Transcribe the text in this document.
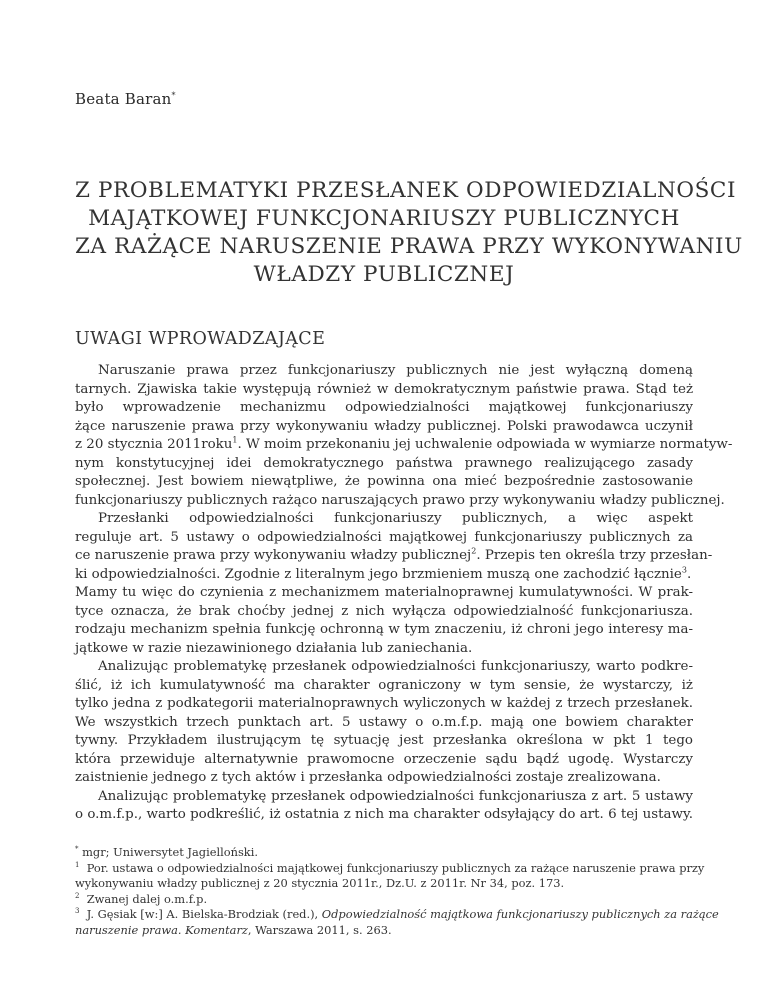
Beata Baran*
Z PROBLEMATYKI PRZESŁANEK ODPOWIEDZIALNOŚCI
MAJĄTKOWEJ FUNKCJONARIUSZY PUBLICZNYCH
ZA RAŻĄCE NARUSZENIE PRAWA PRZY WYKONYWANIU
WŁADZY PUBLICZNEJ
UWAGI WPROWADZAJĄCE
Naruszanie prawa przez funkcjonariuszy publicznych nie jest wyłączną domeną
tarnych. Zjawiska takie występują również w demokratycznym państwie prawa. Stąd też
było wprowadzenie mechanizmu odpowiedzialności majątkowej funkcjonariuszy
żące naruszenie prawa przy wykonywaniu władzy publicznej. Polski prawodawca uczynił
z 20 stycznia 2011roku$^1$. W moim przekonaniu jej uchwalenie odpowiada w wymiarze normatyw-
nym konstytucyjnej idei demokratycznego państwa prawnego realizującego zasady
społecznej. Jest bowiem niewątpliwe, że powinna ona mieć bezpośrednie zastosowanie
funkcjonariuszy publicznych rażąco naruszających prawo przy wykonywaniu władzy publicznej.
Przesłanki odpowiedzialności funkcjonariuszy publicznych, a więc aspekt
reguluje art. 5 ustawy o odpowiedzialności majątkowej funkcjonariuszy publicznych za
ce naruszenie prawa przy wykonywaniu władzy publicznej$^2$. Przepis ten określa trzy przesłan-
ki odpowiedzialności. Zgodnie z literalnym jego brzmieniem muszą one zachodzić łącznie$^3$.
Mamy tu więc do czynienia z mechanizmem materialnoprawnej kumulatywności. W prak-
tyce oznacza, że brak choćby jednej z nich wyłącza odpowiedzialność funkcjonariusza.
rodzaju mechanizm spełnia funkcję ochronną w tym znaczeniu, iż chroni jego interesy ma-
jątkowe w razie niezawinionego działania lub zaniechania.
Analizując problematykę przesłanek odpowiedzialności funkcjonariuszy, warto podkre-
ślić, iż ich kumulatywność ma charakter ograniczony w tym sensie, że wystarczy, iż
tylko jedna z podkategorii materialnoprawnych wyliczonych w każdej z trzech przesłanek.
We wszystkich trzech punktach art. 5 ustawy o o.m.f.p. mają one bowiem charakter
tywny. Przykładem ilustrującym tę sytuację jest przesłanka określona w pkt 1 tego
która przewiduje alternatywnie prawomocne orzeczenie sądu bądź ugodę. Wystarczy
zaistnienie jednego z tych aktów i przesłanka odpowiedzialności zostaje zrealizowana.
Analizując problematykę przesłanek odpowiedzialności funkcjonariusza z art. 5 ustawy
o o.m.f.p., warto podkreślić, iż ostatnia z nich ma charakter odsyłający do art. 6 tej ustawy.
* mgr; Uniwersytet Jagielloński.
$^1$ Por. ustawa o odpowiedzialności majątkowej funkcjonariuszy publicznych za rażące naruszenie prawa przy
wykonywaniu władzy publicznej z 20 stycznia 2011r., Dz.U. z 2011r. Nr 34, poz. 173.
$^2$ Zwanej dalej o.m.f.p.
$^3$ J. Gęsiak [w:] A. Bielska-Brodziak (red.), Odpowiedzialność majątkowa funkcjonariuszy publicznych za rażące
naruszenie prawa. Komentarz, Warszawa 2011, s. 263.
